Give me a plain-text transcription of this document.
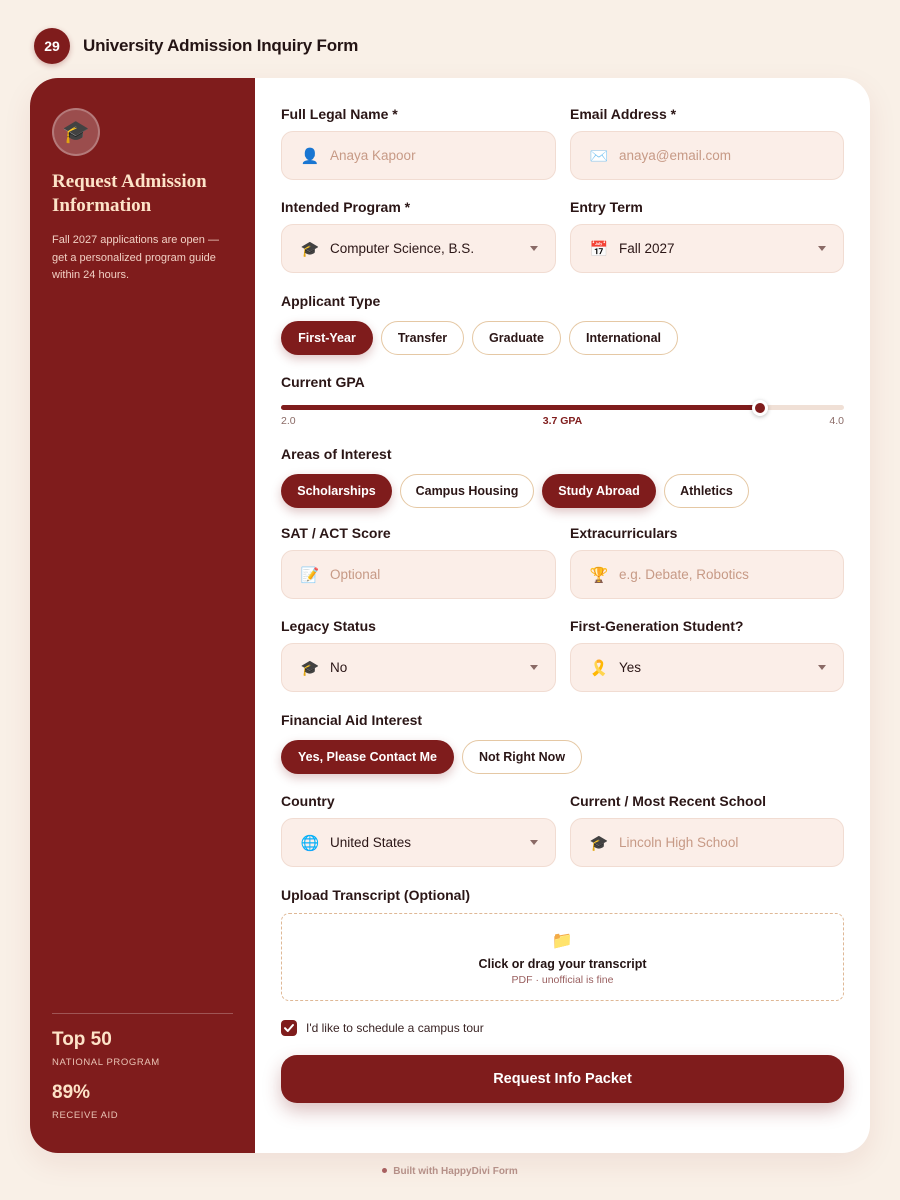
29	University Admission Inquiry Form
🎓
Request Admission Information
Fall 2027 applications are open — get a personalized program guide within 24 hours.
Top 50
NATIONAL PROGRAM
89%
RECEIVE AID
Full Legal Name *
👤 Anaya Kapoor
Email Address *
✉️ anaya@email.com
Intended Program *
🎓 Computer Science, B.S.
Entry Term
📅 Fall 2027
Applicant Type
First-Year	Transfer	Graduate	International
Current GPA
2.0	3.7 GPA	4.0
Areas of Interest
Scholarships	Campus Housing	Study Abroad	Athletics
SAT / ACT Score
📝 Optional
Extracurriculars
🏆 e.g. Debate, Robotics
Legacy Status
🎓 No
First-Generation Student?
🎗️ Yes
Financial Aid Interest
Yes, Please Contact Me	Not Right Now
Country
🌐 United States
Current / Most Recent School
🎓 Lincoln High School
Upload Transcript (Optional)
📁
Click or drag your transcript
PDF · unofficial is fine
I'd like to schedule a campus tour
Request Info Packet
Built with HappyDivi Form
